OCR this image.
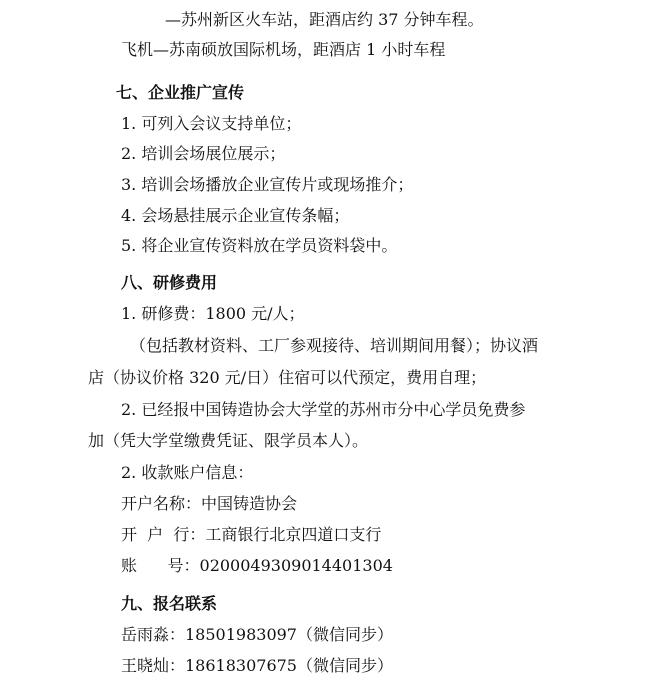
—苏州新区火车站，距酒店约 37 分钟车程。
飞机—苏南硕放国际机场，距酒店 1 小时车程
七、企业推广宣传
1. 可列入会议支持单位；
2. 培训会场展位展示；
3. 培训会场播放企业宣传片或现场推介；
4. 会场悬挂展示企业宣传条幅；
5. 将企业宣传资料放在学员资料袋中。
八、研修费用
1. 研修费：1800 元/人；
（包括教材资料、工厂参观接待、培训期间用餐）；协议酒
店（协议价格 320 元/日）住宿可以代预定，费用自理；
2. 已经报中国铸造协会大学堂的苏州市分中心学员免费参
加（凭大学堂缴费凭证、限学员本人）。
2. 收款账户信息：
开户名称：中国铸造协会
开  户  行：工商银行北京四道口支行
账      号：0200049309014401304
九、报名联系
岳雨淼：18501983097（微信同步）
王晓灿：18618307675（微信同步）
